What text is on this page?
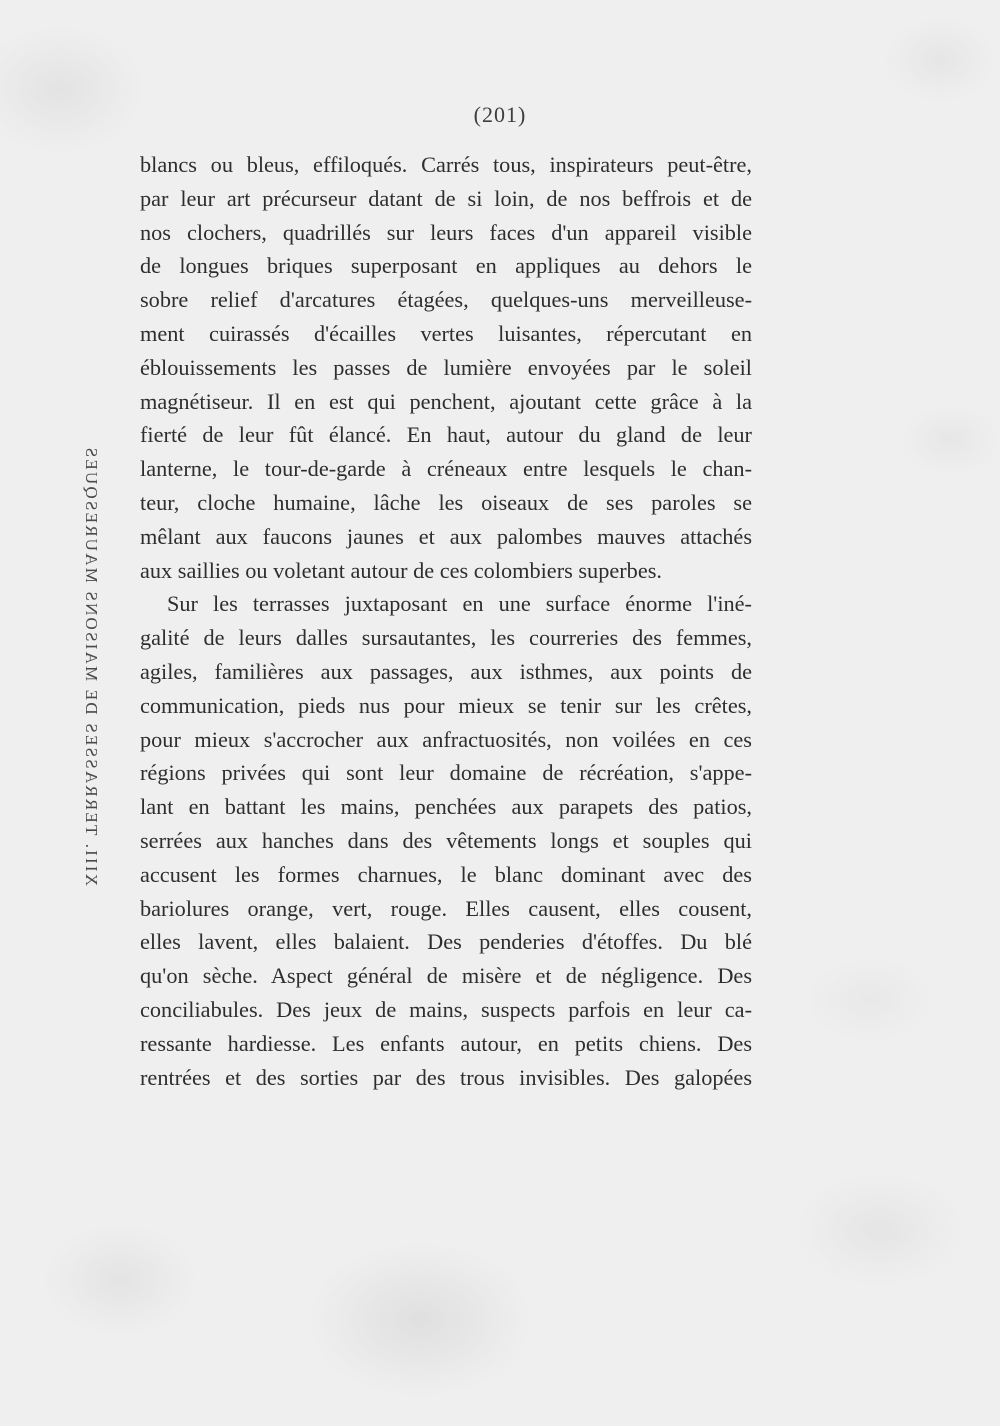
(201)
XIII. TERRASSES DE MAISONS MAURESQUES
blancs ou bleus, effiloqués. Carrés tous, inspirateurs peut-être,
par leur art précurseur datant de si loin, de nos beffrois et de
nos clochers, quadrillés sur leurs faces d'un appareil visible
de longues briques superposant en appliques au dehors le
sobre relief d'arcatures étagées, quelques-uns merveilleuse-
ment cuirassés d'écailles vertes luisantes, répercutant en
éblouissements les passes de lumière envoyées par le soleil
magnétiseur. Il en est qui penchent, ajoutant cette grâce à la
fierté de leur fût élancé. En haut, autour du gland de leur
lanterne, le tour-de-garde à créneaux entre lesquels le chan-
teur, cloche humaine, lâche les oiseaux de ses paroles se
mêlant aux faucons jaunes et aux palombes mauves attachés
aux saillies ou voletant autour de ces colombiers superbes.
Sur les terrasses juxtaposant en une surface énorme l'iné-
galité de leurs dalles sursautantes, les courreries des femmes,
agiles, familières aux passages, aux isthmes, aux points de
communication, pieds nus pour mieux se tenir sur les crêtes,
pour mieux s'accrocher aux anfractuosités, non voilées en ces
régions privées qui sont leur domaine de récréation, s'appe-
lant en battant les mains, penchées aux parapets des patios,
serrées aux hanches dans des vêtements longs et souples qui
accusent les formes charnues, le blanc dominant avec des
bariolures orange, vert, rouge. Elles causent, elles cousent,
elles lavent, elles balaient. Des penderies d'étoffes. Du blé
qu'on sèche. Aspect général de misère et de négligence. Des
conciliabules. Des jeux de mains, suspects parfois en leur ca-
ressante hardiesse. Les enfants autour, en petits chiens. Des
rentrées et des sorties par des trous invisibles. Des galopées
